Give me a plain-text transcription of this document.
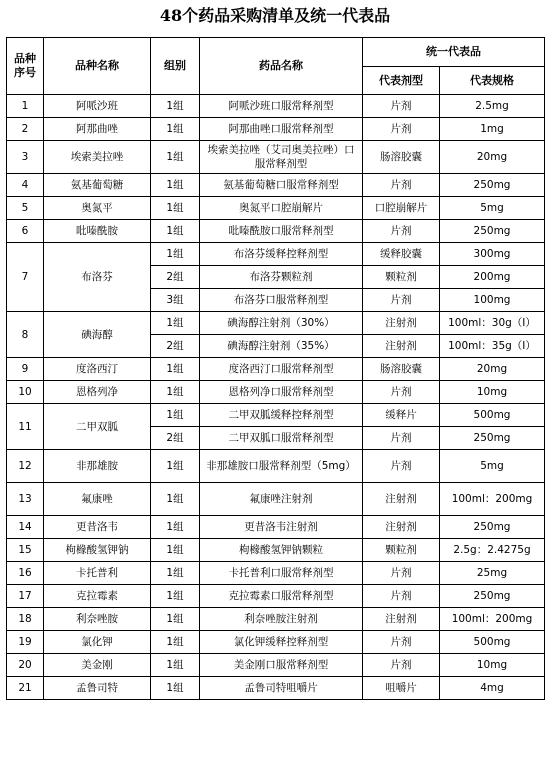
48个药品采购清单及统一代表品
品种序号	品种名称	组别	药品名称	统一代表品	
				代表剂型	代表规格
1	阿哌沙班	1组	阿哌沙班口服常释剂型	片剂	2.5mg
2	阿那曲唑	1组	阿那曲唑口服常释剂型	片剂	1mg
3	埃索美拉唑	1组	埃索美拉唑（艾司奥美拉唑）口服常释剂型	肠溶胶囊	20mg
4	氨基葡萄糖	1组	氨基葡萄糖口服常释剂型	片剂	250mg
5	奥氮平	1组	奥氮平口腔崩解片	口腔崩解片	5mg
6	吡嗪酰胺	1组	吡嗪酰胺口服常释剂型	片剂	250mg
7	布洛芬	1组	布洛芬缓释控释剂型	缓释胶囊	300mg
		2组	布洛芬颗粒剂	颗粒剂	200mg
		3组	布洛芬口服常释剂型	片剂	100mg
8	碘海醇	1组	碘海醇注射剂（30%）	注射剂	100ml：30g（I）
		2组	碘海醇注射剂（35%）	注射剂	100ml：35g（I）
9	度洛西汀	1组	度洛西汀口服常释剂型	肠溶胶囊	20mg
10	恩格列净	1组	恩格列净口服常释剂型	片剂	10mg
11	二甲双胍	1组	二甲双胍缓释控释剂型	缓释片	500mg
		2组	二甲双胍口服常释剂型	片剂	250mg
12	非那雄胺	1组	非那雄胺口服常释剂型（5mg）	片剂	5mg
13	氟康唑	1组	氟康唑注射剂	注射剂	100ml：200mg
14	更昔洛韦	1组	更昔洛韦注射剂	注射剂	250mg
15	枸橼酸氢钾钠	1组	枸橼酸氢钾钠颗粒	颗粒剂	2.5g：2.4275g
16	卡托普利	1组	卡托普利口服常释剂型	片剂	25mg
17	克拉霉素	1组	克拉霉素口服常释剂型	片剂	250mg
18	利奈唑胺	1组	利奈唑胺注射剂	注射剂	100ml：200mg
19	氯化钾	1组	氯化钾缓释控释剂型	片剂	500mg
20	美金刚	1组	美金刚口服常释剂型	片剂	10mg
21	孟鲁司特	1组	孟鲁司特咀嚼片	咀嚼片	4mg
